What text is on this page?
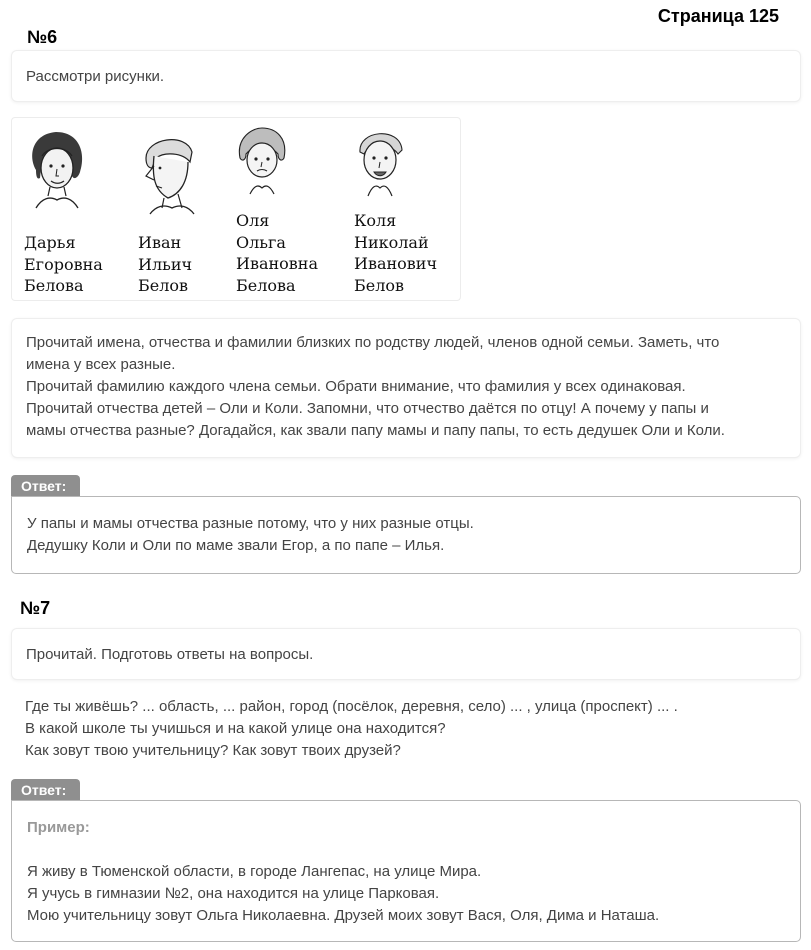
Страница 125
№6

Рассмотри рисунки.

Дарья
Егоровна
Белова
Иван
Ильич
Белов
Оля
Ольга
Ивановна
Белова
Коля
Николай
Иванович
Белов

Прочитай имена, отчества и фамилии близких по родству людей, членов одной семьи. Заметь, что

имена у всех разные.

Прочитай фамилию каждого члена семьи. Обрати внимание, что фамилия у всех одинаковая.

Прочитай отчества детей – Оли и Коли. Запомни, что отчество даётся по отцу! А почему у папы и

мамы отчества разные? Догадайся, как звали папу мамы и папу папы, то есть дедушек Оли и Коли.

Ответ:

У папы и мамы отчества разные потому, что у них разные отцы.

Дедушку Коли и Оли по маме звали Егор, а по папе – Илья.

№7

Прочитай. Подготовь ответы на вопросы.

Где ты живёшь? ... область, ... район, город (посёлок, деревня, село) ... , улица (проспект) ... .

В какой школе ты учишься и на какой улице она находится?

Как зовут твою учительницу? Как зовут твоих друзей?

Ответ:

Пример:

Я живу в Тюменской области, в городе Лангепас, на улице Мира.

Я учусь в гимназии №2, она находится на улице Парковая.

Мою учительницу зовут Ольга Николаевна. Друзей моих зовут Вася, Оля, Дима и Наташа.
